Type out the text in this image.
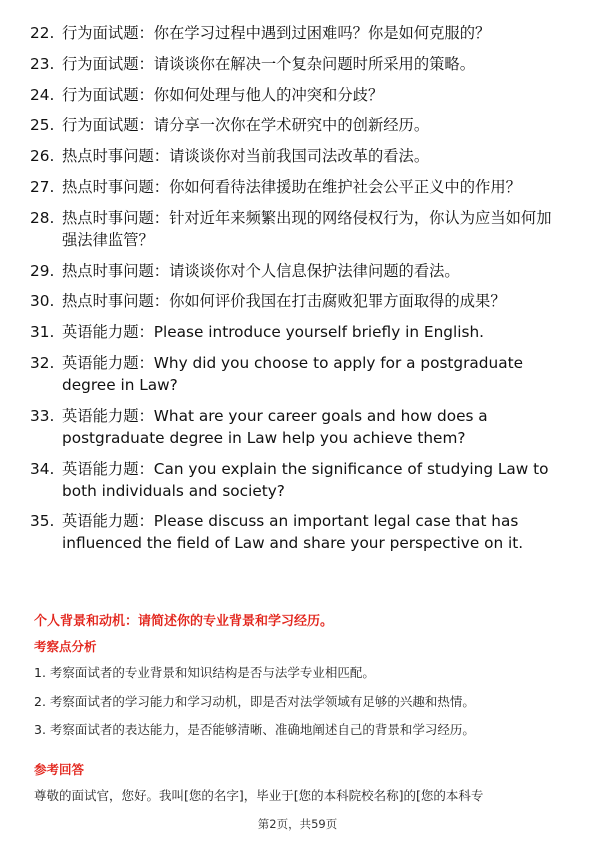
22. 行为面试题：你在学习过程中遇到过困难吗？你是如何克服的？
23. 行为面试题：请谈谈你在解决一个复杂问题时所采用的策略。
24. 行为面试题：你如何处理与他人的冲突和分歧？
25. 行为面试题：请分享一次你在学术研究中的创新经历。
26. 热点时事问题：请谈谈你对当前我国司法改革的看法。
27. 热点时事问题：你如何看待法律援助在维护社会公平正义中的作用？
28. 热点时事问题：针对近年来频繁出现的网络侵权行为，你认为应当如何加强法律监管？
29. 热点时事问题：请谈谈你对个人信息保护法律问题的看法。
30. 热点时事问题：你如何评价我国在打击腐败犯罪方面取得的成果？
31. 英语能力题：Please introduce yourself briefly in English.
32. 英语能力题：Why did you choose to apply for a postgraduate degree in Law?
33. 英语能力题：What are your career goals and how does a postgraduate degree in Law help you achieve them?
34. 英语能力题：Can you explain the significance of studying Law to both individuals and society?
35. 英语能力题：Please discuss an important legal case that has influenced the field of Law and share your perspective on it.
个人背景和动机：请简述你的专业背景和学习经历。
考察点分析
1. 考察面试者的专业背景和知识结构是否与法学专业相匹配。
2. 考察面试者的学习能力和学习动机，即是否对法学领域有足够的兴趣和热情。
3. 考察面试者的表达能力，是否能够清晰、准确地阐述自己的背景和学习经历。
参考回答
尊敬的面试官，您好。我叫[您的名字]，毕业于[您的本科院校名称]的[您的本科专
第2页，共59页
